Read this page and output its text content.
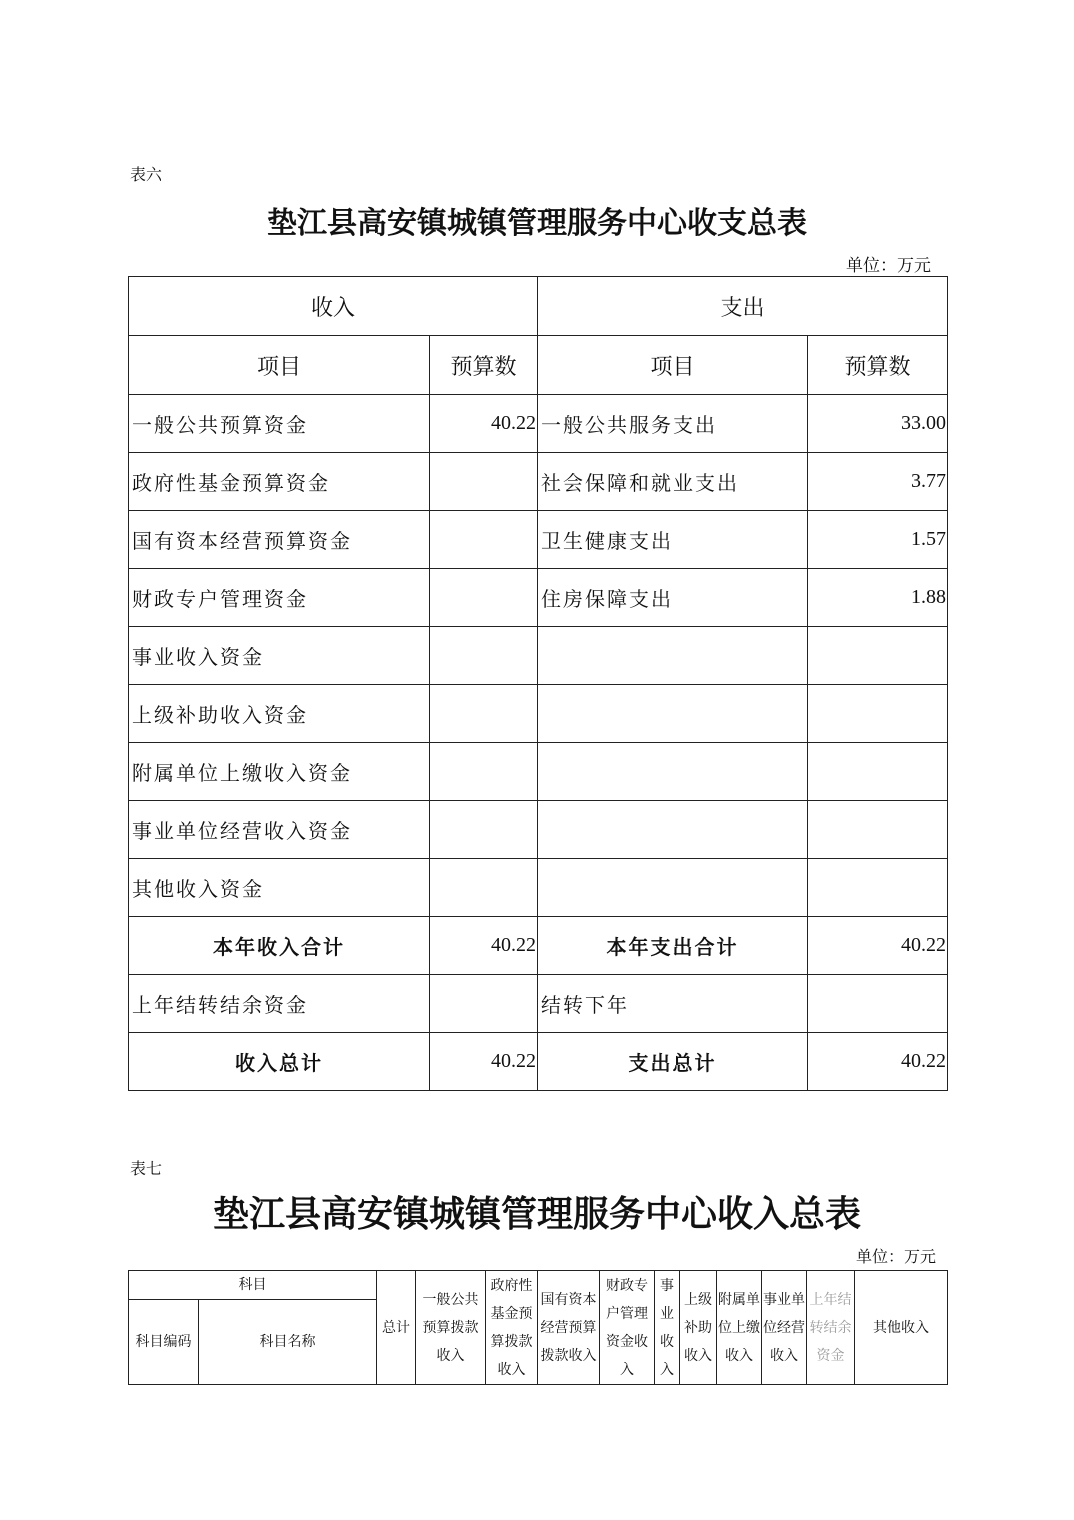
表六
垫江县高安镇城镇管理服务中心收支总表
单位：万元
收入		支出	
项目	预算数	项目	预算数
一般公共预算资金	40.22	一般公共服务支出	33.00
政府性基金预算资金		社会保障和就业支出	3.77
国有资本经营预算资金		卫生健康支出	1.57
财政专户管理资金		住房保障支出	1.88
事业收入资金			
上级补助收入资金			
附属单位上缴收入资金			
事业单位经营收入资金			
其他收入资金			
本年收入合计	40.22	本年支出合计	40.22
上年结转结余资金		结转下年	
收入总计	40.22	支出总计	40.22
表七
垫江县高安镇城镇管理服务中心收入总表
单位：万元
科目		总计	一般公共预算拨款收入	政府性基金预算拨款收入	国有资本经营预算拨款收入	财政专户管理资金收入	事业收入	上级补助收入	附属单位上缴收入	事业单位经营收入	上年结转结余资金	其他收入
科目编码	科目名称											
